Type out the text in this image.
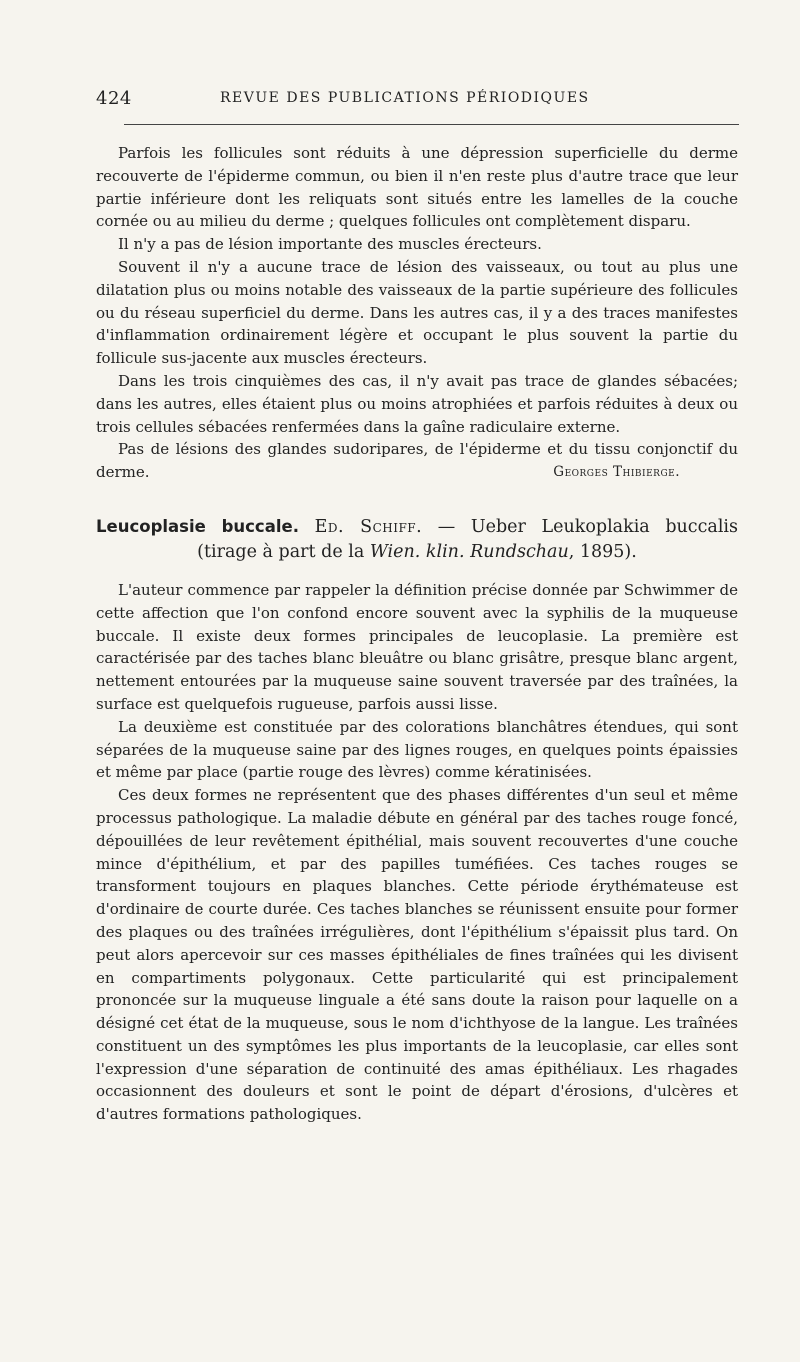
424	REVUE DES PUBLICATIONS PÉRIODIQUES

Parfois les follicules sont réduits à une dépression superficielle du derme recouverte de l'épiderme commun, ou bien il n'en reste plus d'autre trace que leur partie inférieure dont les reliquats sont situés entre les lamelles de la couche cornée ou au milieu du derme ; quelques follicules ont complètement disparu.

Il n'y a pas de lésion importante des muscles érecteurs.

Souvent il n'y a aucune trace de lésion des vaisseaux, ou tout au plus une dilatation plus ou moins notable des vaisseaux de la partie supérieure des follicules ou du réseau superficiel du derme. Dans les autres cas, il y a des traces manifestes d'inflammation ordinairement légère et occupant le plus souvent la partie du follicule sus-jacente aux muscles érecteurs.

Dans les trois cinquièmes des cas, il n'y avait pas trace de glandes sébacées; dans les autres, elles étaient plus ou moins atrophiées et parfois réduites à deux ou trois cellules sébacées renfermées dans la gaîne radiculaire externe.

Pas de lésions des glandes sudoripares, de l'épiderme et du tissu conjonctif du derme.	Georges Thibierge.

Leucoplasie buccale. Ed. Schiff. — Ueber Leukoplakia buccalis
(tirage à part de la Wien. klin. Rundschau, 1895).

L'auteur commence par rappeler la définition précise donnée par Schwimmer de cette affection que l'on confond encore souvent avec la syphilis de la muqueuse buccale. Il existe deux formes principales de leucoplasie. La première est caractérisée par des taches blanc bleuâtre ou blanc grisâtre, presque blanc argent, nettement entourées par la muqueuse saine souvent traversée par des traînées, la surface est quelquefois rugueuse, parfois aussi lisse.

La deuxième est constituée par des colorations blanchâtres étendues, qui sont séparées de la muqueuse saine par des lignes rouges, en quelques points épaissies et même par place (partie rouge des lèvres) comme kératinisées.

Ces deux formes ne représentent que des phases différentes d'un seul et même processus pathologique. La maladie débute en général par des taches rouge foncé, dépouillées de leur revêtement épithélial, mais souvent recouvertes d'une couche mince d'épithélium, et par des papilles tuméfiées. Ces taches rouges se transforment toujours en plaques blanches. Cette période érythémateuse est d'ordinaire de courte durée. Ces taches blanches se réunissent ensuite pour former des plaques ou des traînées irrégulières, dont l'épithélium s'épaissit plus tard. On peut alors apercevoir sur ces masses épithéliales de fines traînées qui les divisent en compartiments polygonaux. Cette particularité qui est principalement prononcée sur la muqueuse linguale a été sans doute la raison pour laquelle on a désigné cet état de la muqueuse, sous le nom d'ichthyose de la langue. Les traînées constituent un des symptômes les plus importants de la leucoplasie, car elles sont l'expression d'une séparation de continuité des amas épithéliaux. Les rhagades occasionnent des douleurs et sont le point de départ d'érosions, d'ulcères et d'autres formations pathologiques.
